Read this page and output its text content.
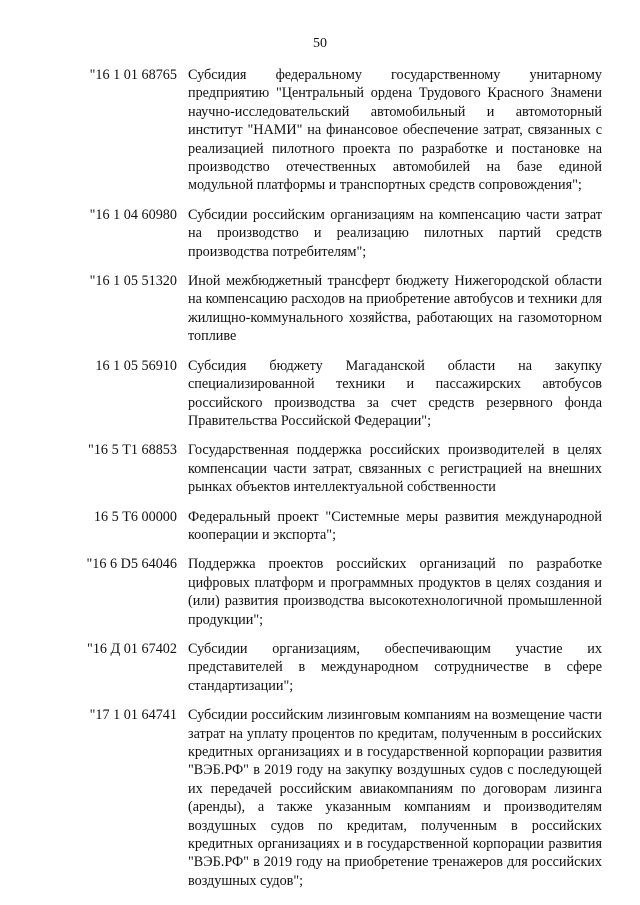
50
"16 1 01 68765 Субсидия федеральному государственному унитарному предприятию "Центральный ордена Трудового Красного Знамени научно-исследовательский автомобильный и автомоторный институт "НАМИ" на финансовое обеспечение затрат, связанных с реализацией пилотного проекта по разработке и постановке на производство отечественных автомобилей на базе единой модульной платформы и транспортных средств сопровождения";
"16 1 04 60980 Субсидии российским организациям на компенсацию части затрат на производство и реализацию пилотных партий средств производства потребителям";
"16 1 05 51320 Иной межбюджетный трансферт бюджету Нижегородской области на компенсацию расходов на приобретение автобусов и техники для жилищно-коммунального хозяйства, работающих на газомоторном топливе
16 1 05 56910 Субсидия бюджету Магаданской области на закупку специализированной техники и пассажирских автобусов российского производства за счет средств резервного фонда Правительства Российской Федерации";
"16 5 Т1 68853 Государственная поддержка российских производителей в целях компенсации части затрат, связанных с регистрацией на внешних рынках объектов интеллектуальной собственности
16 5 Т6 00000 Федеральный проект "Системные меры развития международной кооперации и экспорта";
"16 6 D5 64046 Поддержка проектов российских организаций по разработке цифровых платформ и программных продуктов в целях создания и (или) развития производства высокотехнологичной промышленной продукции";
"16 Д 01 67402 Субсидии организациям, обеспечивающим участие их представителей в международном сотрудничестве в сфере стандартизации";
"17 1 01 64741 Субсидии российским лизинговым компаниям на возмещение части затрат на уплату процентов по кредитам, полученным в российских кредитных организациях и в государственной корпорации развития "ВЭБ.РФ" в 2019 году на закупку воздушных судов с последующей их передачей российским авиакомпаниям по договорам лизинга (аренды), а также указанным компаниям и производителям воздушных судов по кредитам, полученным в российских кредитных организациях и в государственной корпорации развития "ВЭБ.РФ" в 2019 году на приобретение тренажеров для российских воздушных судов";
